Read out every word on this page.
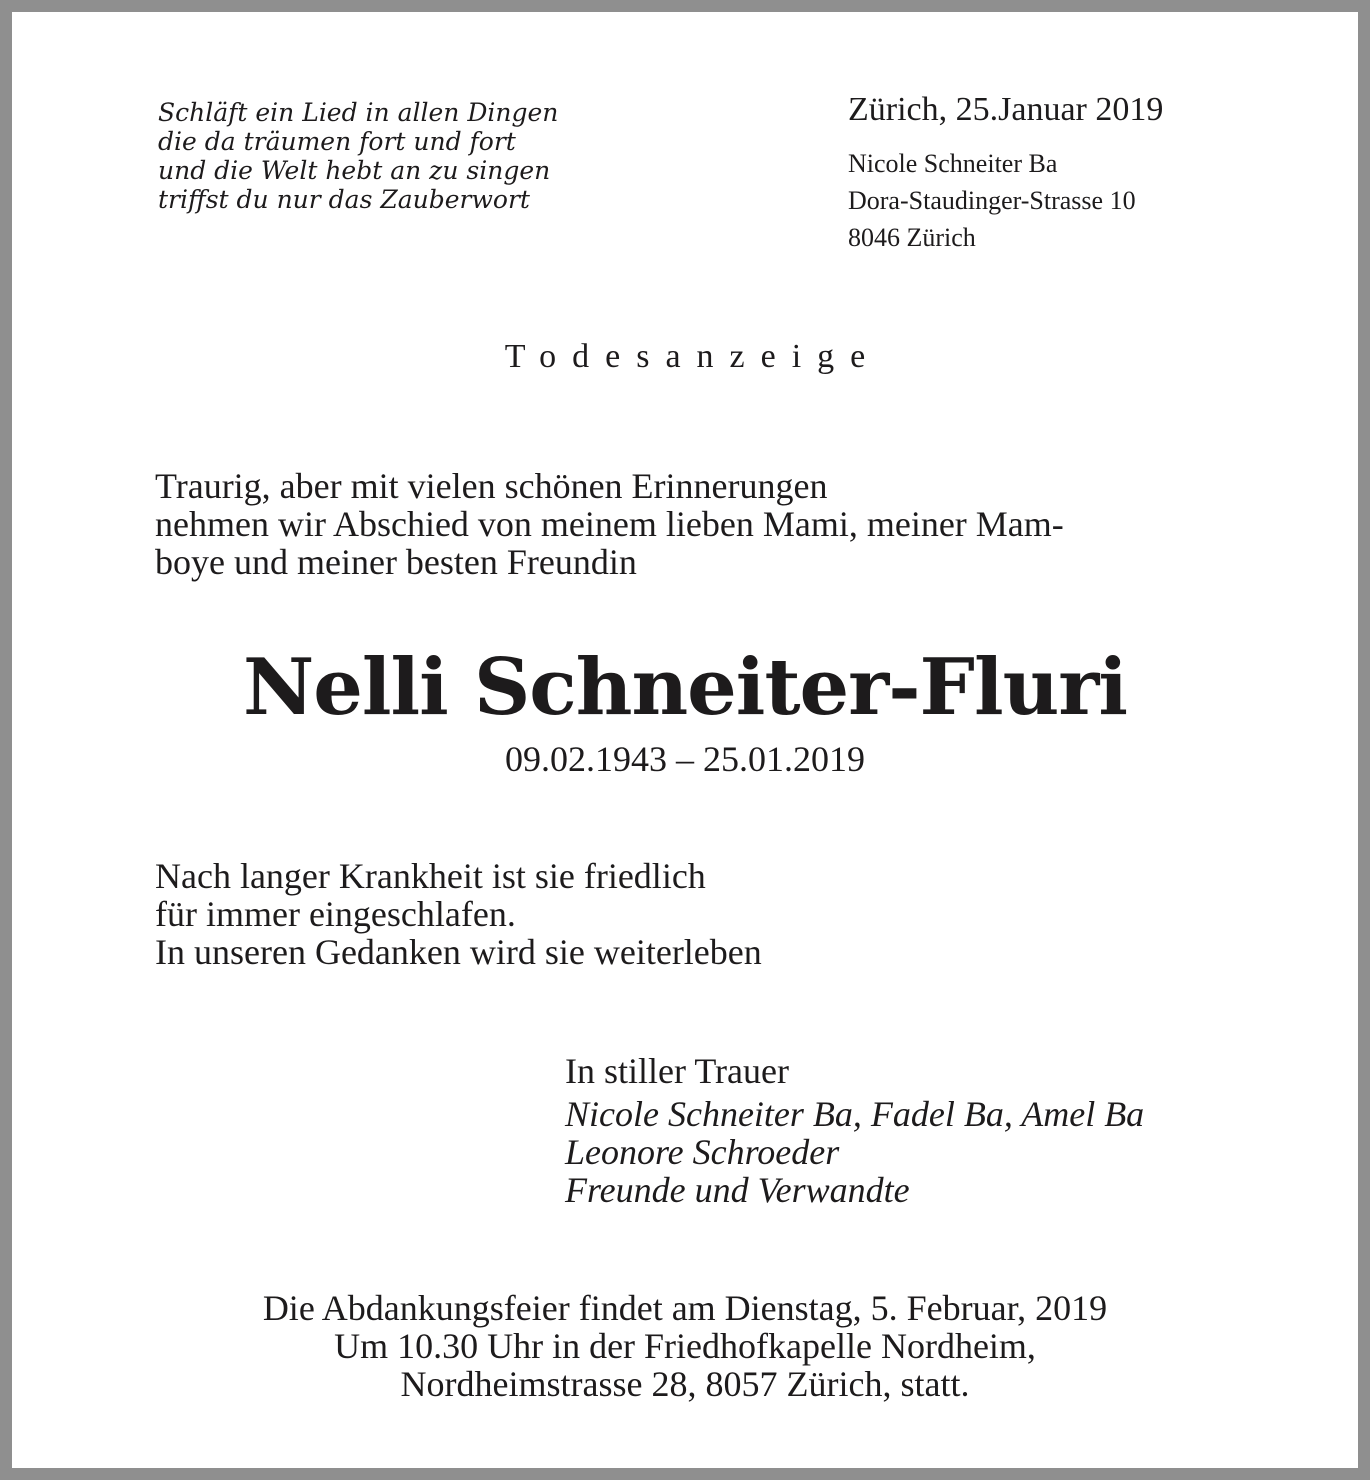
Schläft ein Lied in allen Dingen
die da träumen fort und fort
und die Welt hebt an zu singen
triffst du nur das Zauberwort
Zürich, 25.Januar 2019
Nicole Schneiter Ba
Dora-Staudinger-Strasse 10
8046 Zürich
Todesanzeige
Traurig, aber mit vielen schönen Erinnerungen
nehmen wir Abschied von meinem lieben Mami, meiner Mam-
boye und meiner besten Freundin
Nelli Schneiter-Fluri
09.02.1943 – 25.01.2019
Nach langer Krankheit ist sie friedlich
für immer eingeschlafen.
In unseren Gedanken wird sie weiterleben
In stiller Trauer
Nicole Schneiter Ba, Fadel Ba, Amel Ba
Leonore Schroeder
Freunde und Verwandte
Die Abdankungsfeier findet am Dienstag, 5. Februar, 2019
Um 10.30 Uhr in der Friedhofkapelle Nordheim,
Nordheimstrasse 28, 8057 Zürich, statt.
